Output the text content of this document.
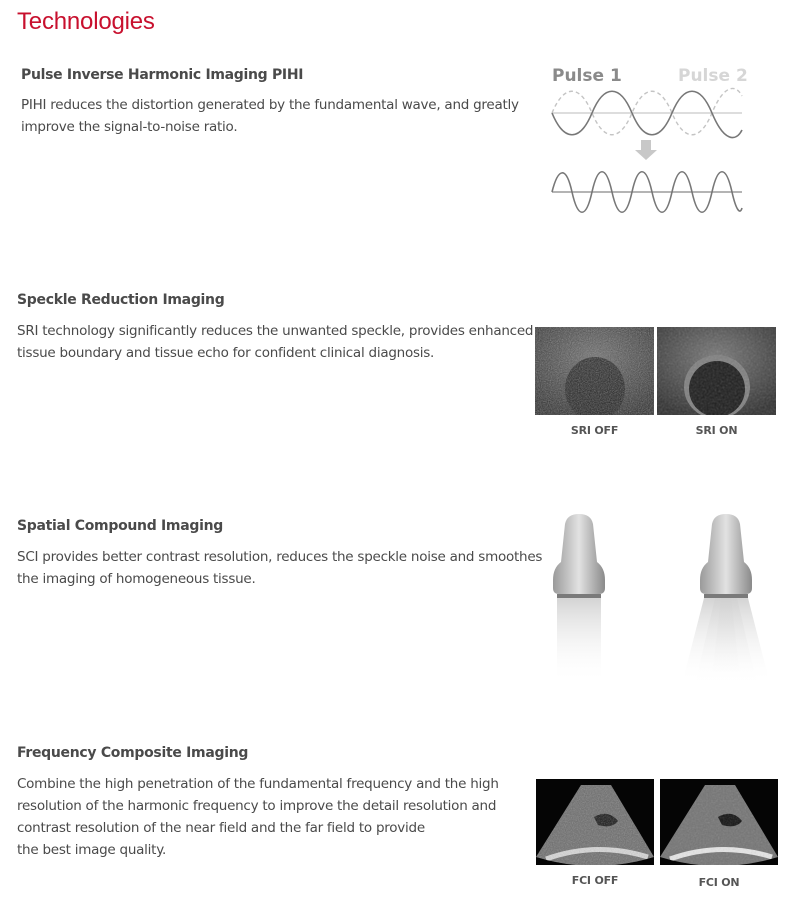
Technologies
Pulse Inverse Harmonic Imaging PIHI
PIHI reduces the distortion generated by the fundamental wave, and greatly
improve the signal-to-noise ratio.
Pulse 1	Pulse 2
Speckle Reduction Imaging
SRI technology significantly reduces the unwanted speckle, provides enhanced
tissue boundary and tissue echo for confident clinical diagnosis.
SRI OFF	SRI ON
Spatial Compound Imaging
SCI provides better contrast resolution, reduces the speckle noise and smoothes
the imaging of homogeneous tissue.
Frequency Composite Imaging
Combine the high penetration of the fundamental frequency and the high
resolution of the harmonic frequency to improve the detail resolution and
contrast resolution of the near field and the far field to provide
the best image quality.
FCI OFF	FCI ON
